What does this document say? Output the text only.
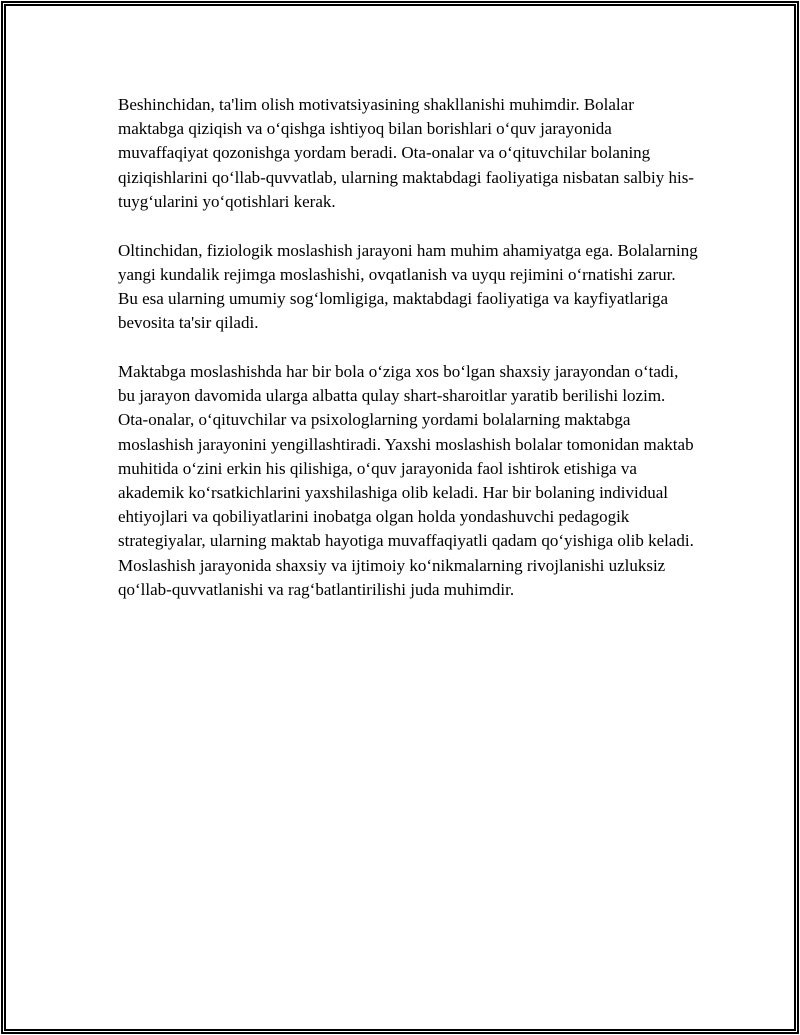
Beshinchidan, ta'lim olish motivatsiyasining shakllanishi muhimdir. Bolalar maktabga qiziqish va o‘qishga ishtiyoq bilan borishlari o‘quv jarayonida muvaffaqiyat qozonishga yordam beradi. Ota-onalar va o‘qituvchilar bolaning qiziqishlarini qo‘llab-quvvatlab, ularning maktabdagi faoliyatiga nisbatan salbiy his-tuyg‘ularini yo‘qotishlari kerak.

Oltinchidan, fiziologik moslashish jarayoni ham muhim ahamiyatga ega. Bolalarning yangi kundalik rejimga moslashishi, ovqatlanish va uyqu rejimini o‘rnatishi zarur. Bu esa ularning umumiy sog‘lomligiga, maktabdagi faoliyatiga va kayfiyatlariga bevosita ta'sir qiladi.

Maktabga moslashishda har bir bola o‘ziga xos bo‘lgan shaxsiy jarayondan o‘tadi, bu jarayon davomida ularga albatta qulay shart-sharoitlar yaratib berilishi lozim. Ota-onalar, o‘qituvchilar va psixologlarning yordami bolalarning maktabga moslashish jarayonini yengillashtiradi. Yaxshi moslashish bolalar tomonidan maktab muhitida o‘zini erkin his qilishiga, o‘quv jarayonida faol ishtirok etishiga va akademik ko‘rsatkichlarini yaxshilashiga olib keladi. Har bir bolaning individual ehtiyojlari va qobiliyatlarini inobatga olgan holda yondashuvchi pedagogik strategiyalar, ularning maktab hayotiga muvaffaqiyatli qadam qo‘yishiga olib keladi. Moslashish jarayonida shaxsiy va ijtimoiy ko‘nikmalarning rivojlanishi uzluksiz qo‘llab-quvvatlanishi va rag‘batlantirilishi juda muhimdir.
